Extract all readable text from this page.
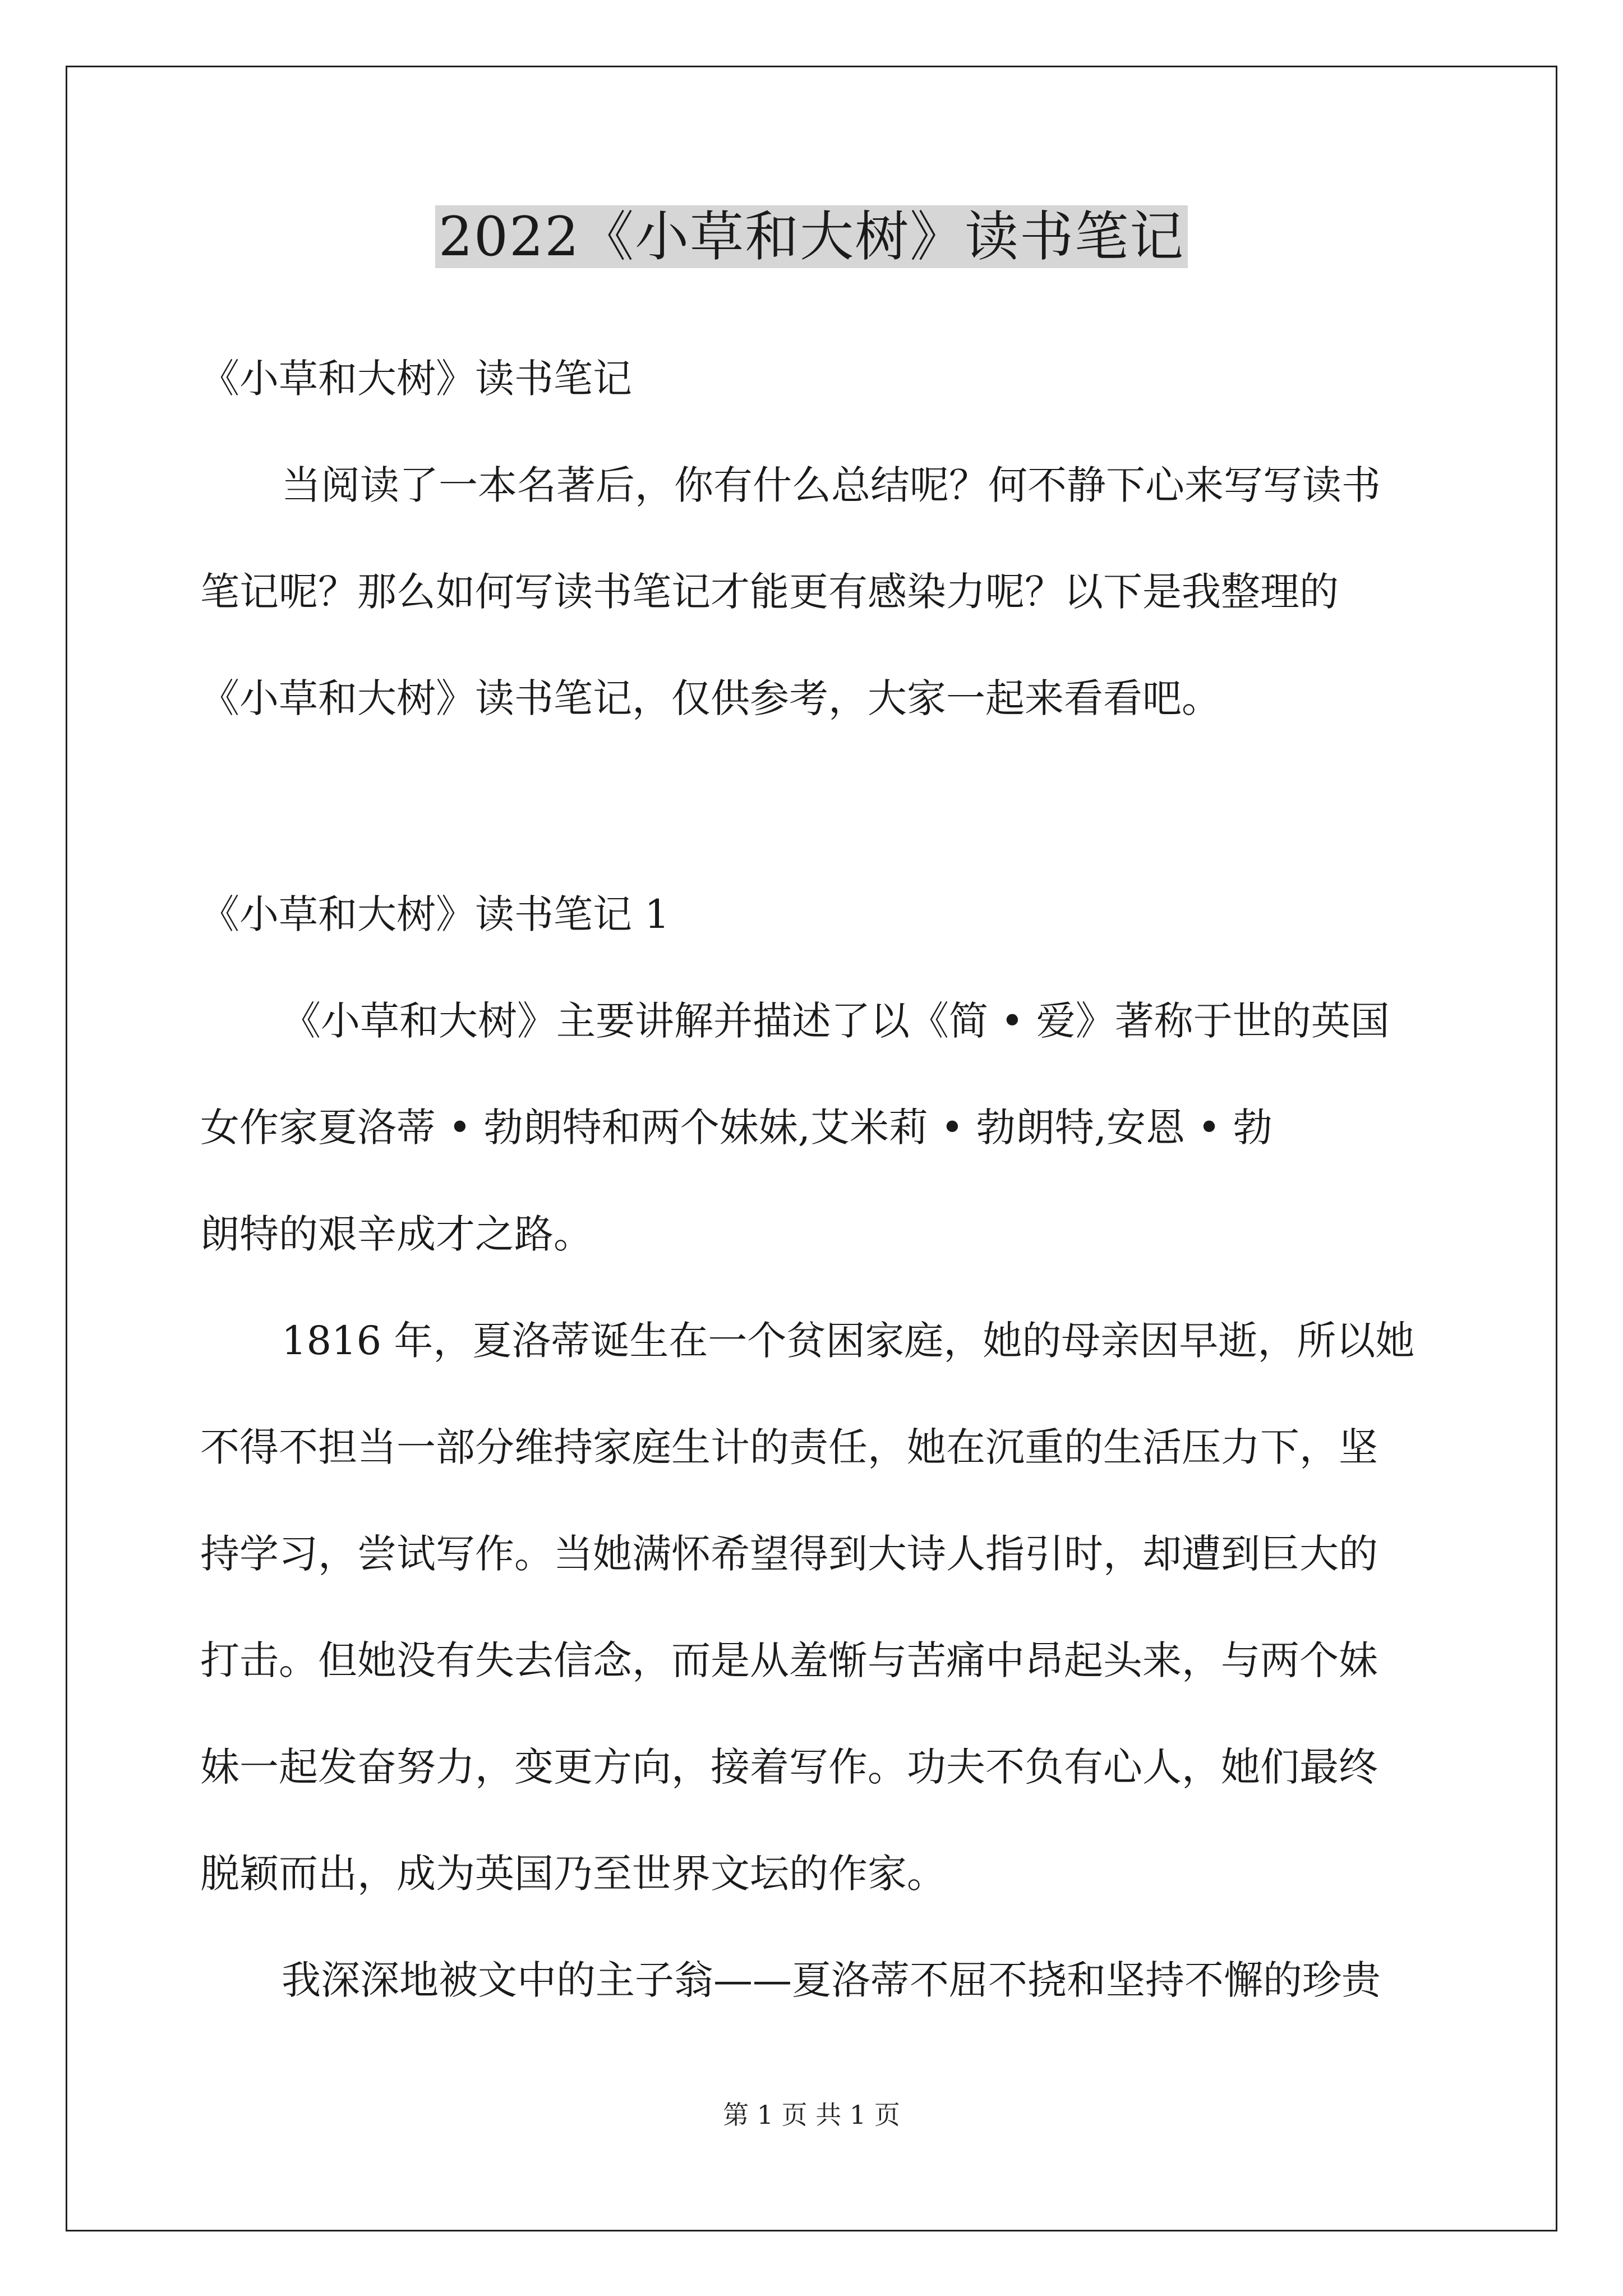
2022《小草和大树》读书笔记
《小草和大树》读书笔记
当阅读了一本名著后，你有什么总结呢？何不静下心来写写读书
笔记呢？那么如何写读书笔记才能更有感染力呢？以下是我整理的
《小草和大树》读书笔记，仅供参考，大家一起来看看吧。
《小草和大树》读书笔记 1
《小草和大树》主要讲解并描述了以《简 • 爱》著称于世的英国
女作家夏洛蒂 • 勃朗特和两个妹妹,艾米莉 • 勃朗特,安恩 • 勃
朗特的艰辛成才之路。
1816 年，夏洛蒂诞生在一个贫困家庭，她的母亲因早逝，所以她
不得不担当一部分维持家庭生计的责任，她在沉重的生活压力下，坚
持学习，尝试写作。当她满怀希望得到大诗人指引时，却遭到巨大的
打击。但她没有失去信念，而是从羞惭与苦痛中昂起头来，与两个妹
妹一起发奋努力，变更方向，接着写作。功夫不负有心人，她们最终
脱颖而出，成为英国乃至世界文坛的作家。
我深深地被文中的主子翁——夏洛蒂不屈不挠和坚持不懈的珍贵
第 1 页 共 1 页
